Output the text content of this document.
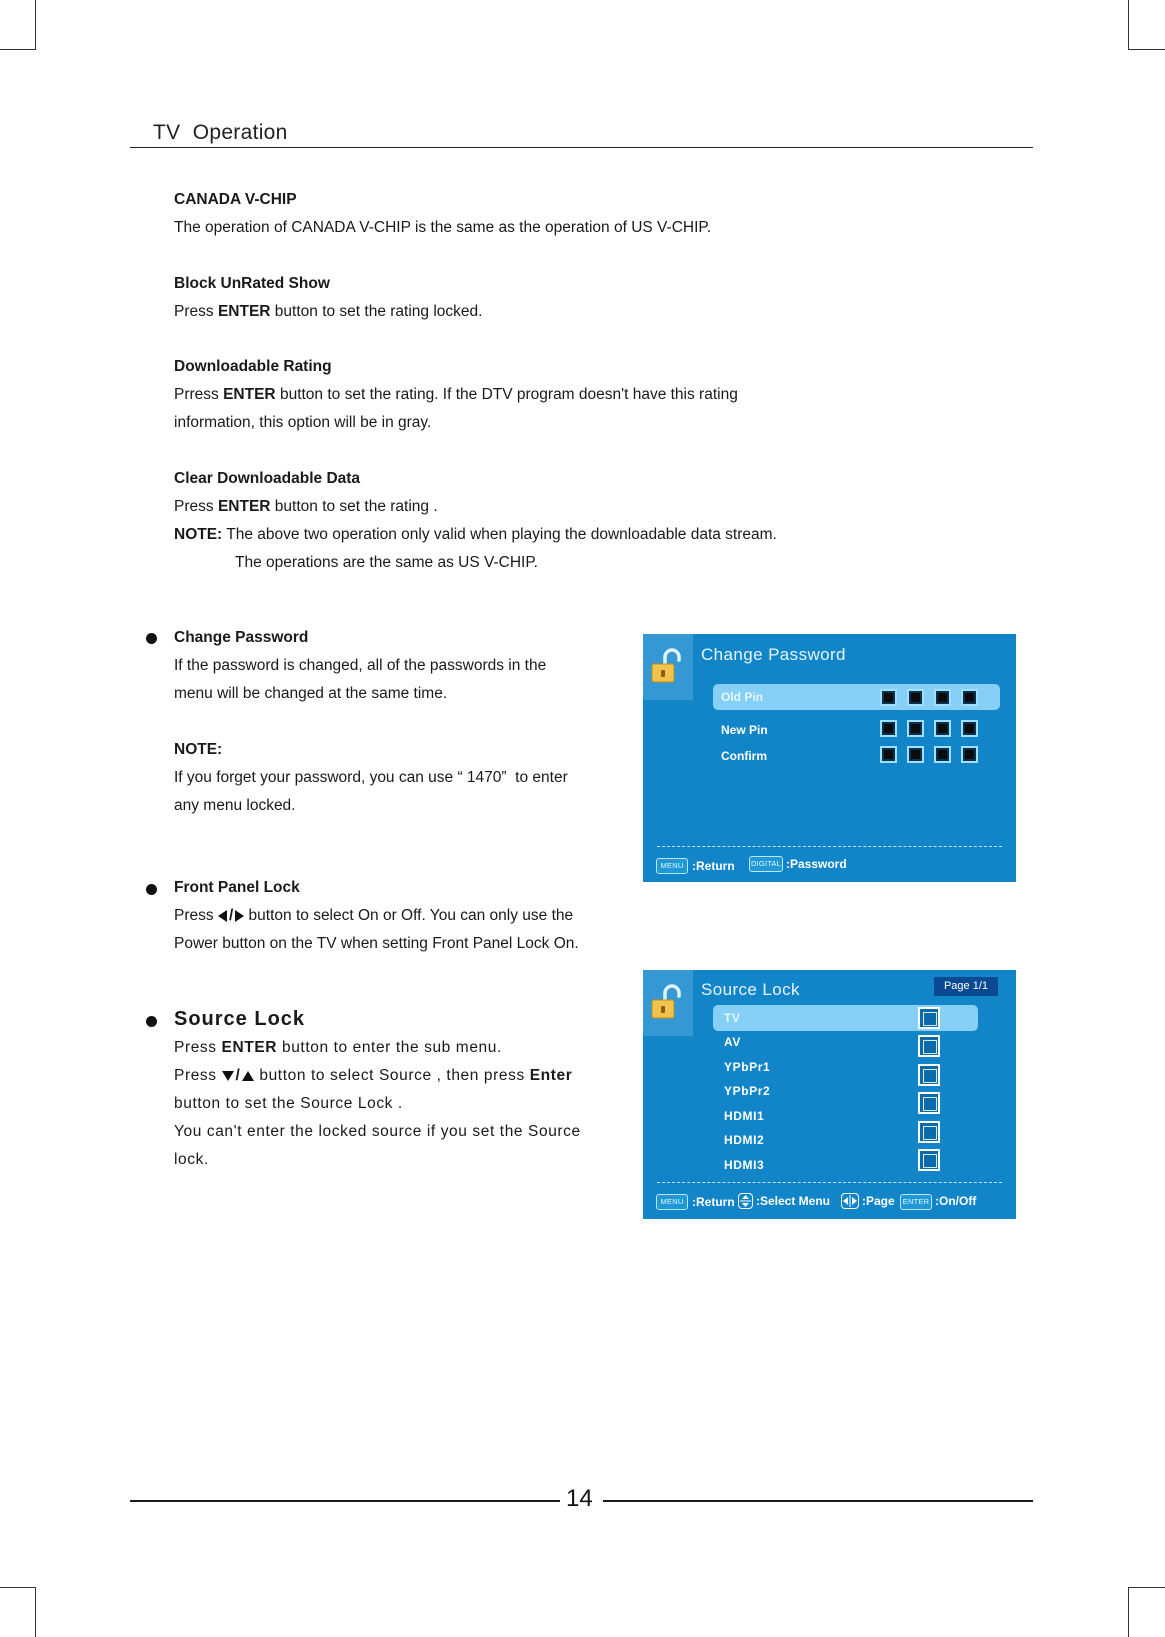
TV  Operation
CANADA V-CHIP
The operation of CANADA V-CHIP is the same as the operation of US V-CHIP.
Block UnRated Show
Press ENTER button to set the rating locked.
Downloadable Rating
Prress ENTER button to set the rating. If the DTV program doesn't have this rating
information, this option will be in gray.
Clear Downloadable Data
Press ENTER button to set the rating .
NOTE: The above two operation only valid when playing the downloadable data stream.
The operations are the same as US V-CHIP.
Change Password
If the password is changed, all of the passwords in the
menu will be changed at the same time.
NOTE:
If you forget your password, you can use “ 1470”  to enter
any menu locked.
Front Panel Lock
Press / button to select On or Off. You can only use the
Power button on the TV when setting Front Panel Lock On.
Source Lock
Press ENTER button to enter the sub menu.
Press / button to select Source , then press Enter
button to set the Source Lock .
You can't enter the locked source if you set the Source
lock.
Change Password
Old Pin
New Pin
Confirm
MENU :Return DIGITAL :Password
Source Lock	Page 1/1
TV
AV
YPbPr1
YPbPr2
HDMI1
HDMI2
HDMI3
MENU :Return :Select Menu	:Page	ENTER :On/Off
14
